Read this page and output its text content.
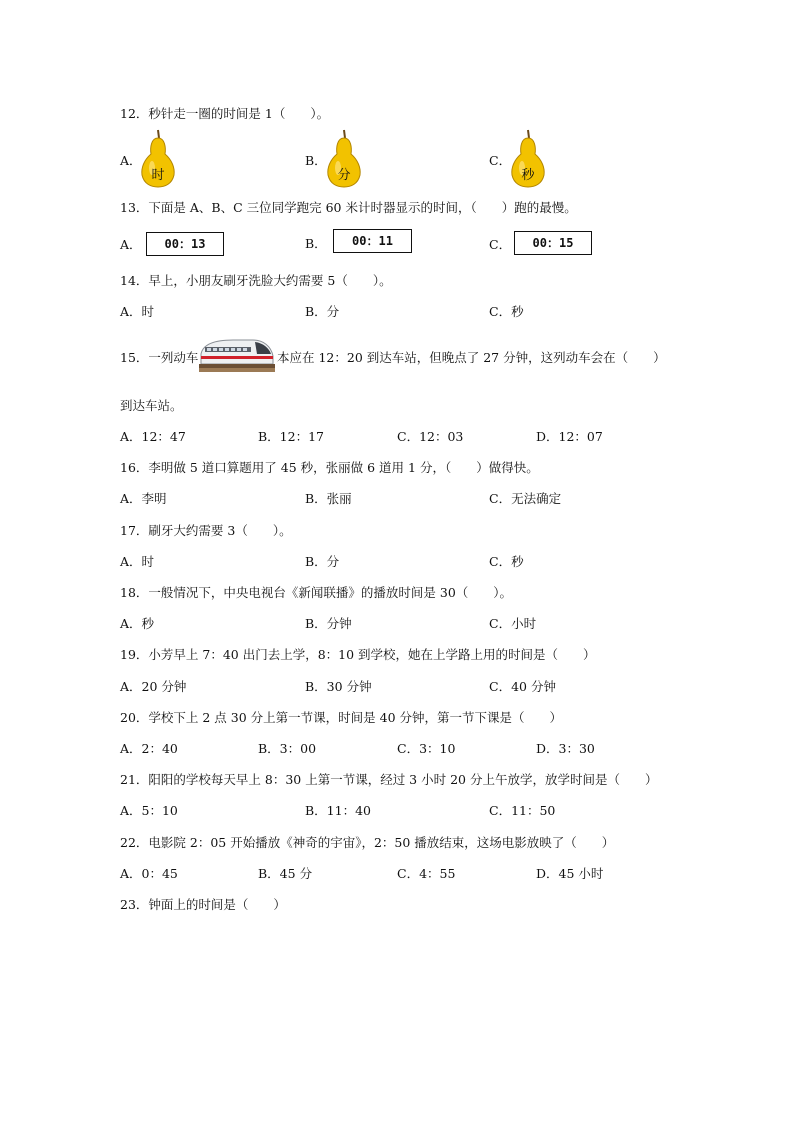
12．秒针走一圈的时间是 1（　　）。
A．
时
B．
分
C．
秒
13．下面是 A、B、C 三位同学跑完 60 米计时器显示的时间，（　　）跑的最慢。
A．	00：13	B．	00：11	C．	00：15
14．早上，小朋友刷牙洗脸大约需要 5（　　）。
A．时	B．分	C．秒
15．一列动车	本应在 12：20 到达车站，但晚点了 27 分钟，这列动车会在（　　）
到达车站。
A．12：47	B．12：17	C．12：03	D．12：07
16．李明做 5 道口算题用了 45 秒，张丽做 6 道用 1 分，（　　）做得快。
A．李明	B．张丽	C．无法确定
17．刷牙大约需要 3（　　）。
A．时	B．分	C．秒
18．一般情况下，中央电视台《新闻联播》的播放时间是 30（　　）。
A．秒	B．分钟	C．小时
19．小芳早上 7：40 出门去上学，8：10 到学校，她在上学路上用的时间是（　　）
A．20 分钟	B．30 分钟	C．40 分钟
20．学校下上 2 点 30 分上第一节课，时间是 40 分钟，第一节下课是（　　）
A．2：40	B．3：00	C．3：10	D．3：30
21．阳阳的学校每天早上 8：30 上第一节课，经过 3 小时 20 分上午放学，放学时间是（　　）
A．5：10	B．11：40	C．11：50
22．电影院 2：05 开始播放《神奇的宇宙》，2：50 播放结束，这场电影放映了（　　）
A．0：45	B．45 分	C．4：55	D．45 小时
23．钟面上的时间是（　　）
